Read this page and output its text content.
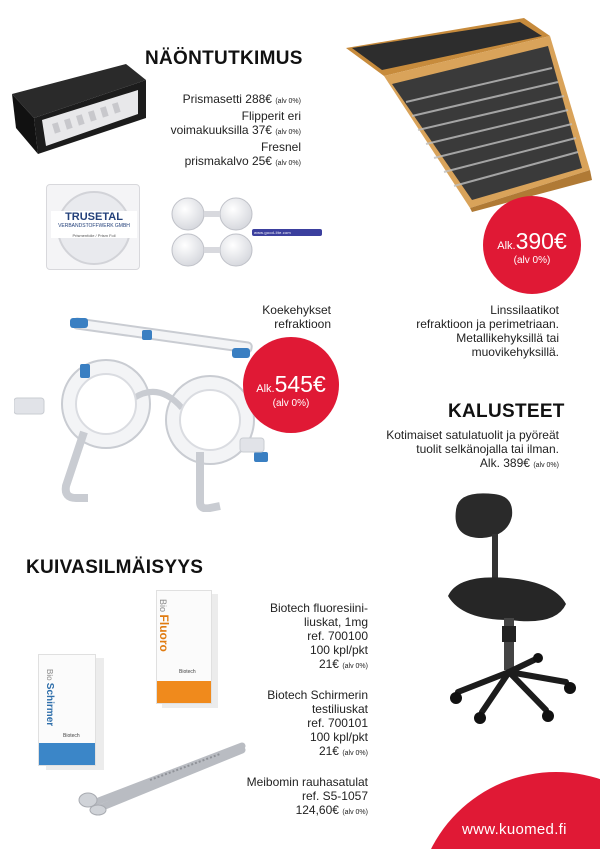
NÄÖNTUTKIMUS
Prismasetti 288€ (alv 0%)
Flipperit eri
voimakuuksilla 37€ (alv 0%)
Fresnel
prismakalvo 25€ (alv 0%)
TRUSETAL
VERBANDSTOFFWERK GMBH
Prismenfolie / Prism Foil
www.good-lite.com
Alk.390€
(alv 0%)
Linssilaatikot
refraktioon ja perimetriaan.
Metallikehyksillä tai
muovikehyksillä.
Koekehykset
refraktioon
Alk.545€
(alv 0%)	KALUSTEET
Kotimaiset satulatuolit ja pyöreät
tuolit selkänojalla tai ilman.
Alk. 389€ (alv 0%)
KUIVASILMÄISYYS
Bio Fluoro
Biotech
Bio Schirmer
Biotech
Biotech fluoresiini-
liuskat, 1mg
ref. 700100
100 kpl/pkt
21€ (alv 0%)
Biotech Schirmerin
testiliuskat
ref. 700101
100 kpl/pkt
21€ (alv 0%)
Meibomin rauhasatulat
ref. S5-1057
124,60€ (alv 0%)
www.kuomed.fi
